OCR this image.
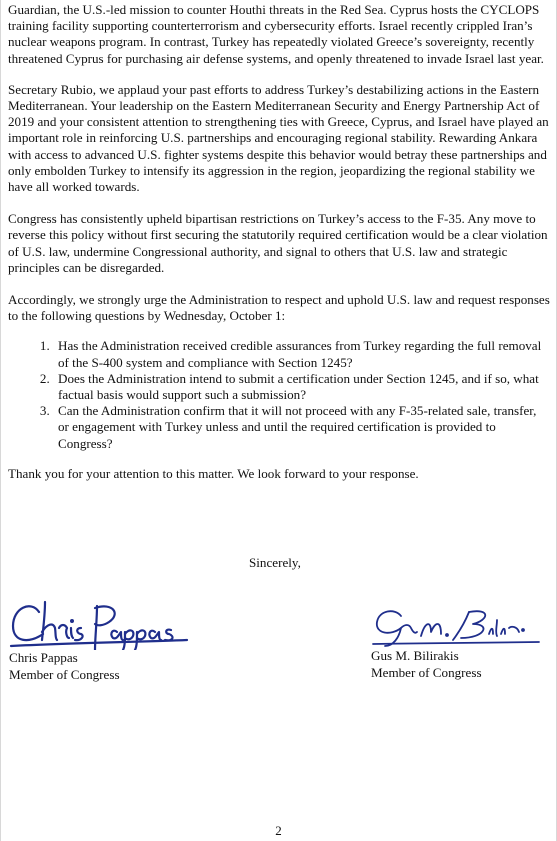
Guardian, the U.S.-led mission to counter Houthi threats in the Red Sea. Cyprus hosts the CYCLOPS training facility supporting counterterrorism and cybersecurity efforts. Israel recently crippled Iran’s nuclear weapons program. In contrast, Turkey has repeatedly violated Greece’s sovereignty, recently threatened Cyprus for purchasing air defense systems, and openly threatened to invade Israel last year.

Secretary Rubio, we applaud your past efforts to address Turkey’s destabilizing actions in the Eastern Mediterranean. Your leadership on the Eastern Mediterranean Security and Energy Partnership Act of 2019 and your consistent attention to strengthening ties with Greece, Cyprus, and Israel have played an important role in reinforcing U.S. partnerships and encouraging regional stability. Rewarding Ankara with access to advanced U.S. fighter systems despite this behavior would betray these partnerships and only embolden Turkey to intensify its aggression in the region, jeopardizing the regional stability we have all worked towards.

Congress has consistently upheld bipartisan restrictions on Turkey’s access to the F-35. Any move to reverse this policy without first securing the statutorily required certification would be a clear violation of U.S. law, undermine Congressional authority, and signal to others that U.S. law and strategic principles can be disregarded.

Accordingly, we strongly urge the Administration to respect and uphold U.S. law and request responses to the following questions by Wednesday, October 1:

1. Has the Administration received credible assurances from Turkey regarding the full removal of the S-400 system and compliance with Section 1245?
2. Does the Administration intend to submit a certification under Section 1245, and if so, what factual basis would support such a submission?
3. Can the Administration confirm that it will not proceed with any F-35-related sale, transfer, or engagement with Turkey unless and until the required certification is provided to Congress?

Thank you for your attention to this matter. We look forward to your response.

Sincerely,
Chris Pappas
Member of Congress
Gus M. Bilirakis
Member of Congress
2
